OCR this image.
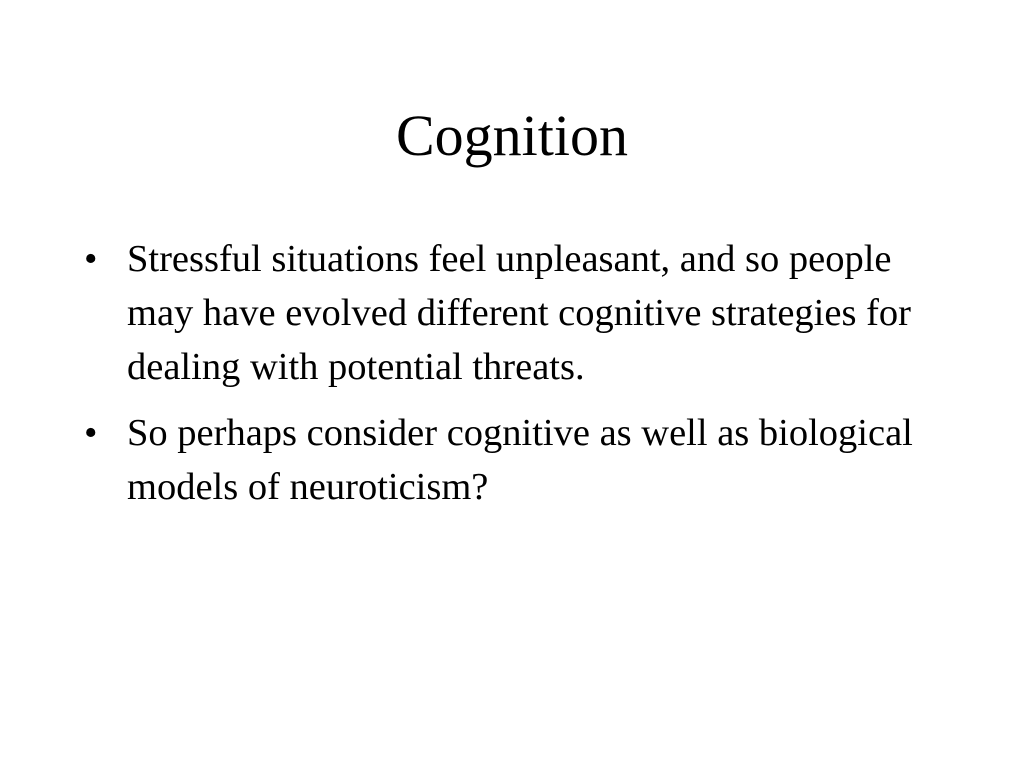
Cognition
• Stressful situations feel unpleasant, and so people may have evolved different cognitive strategies for dealing with potential threats.
• So perhaps consider cognitive as well as biological models of neuroticism?
